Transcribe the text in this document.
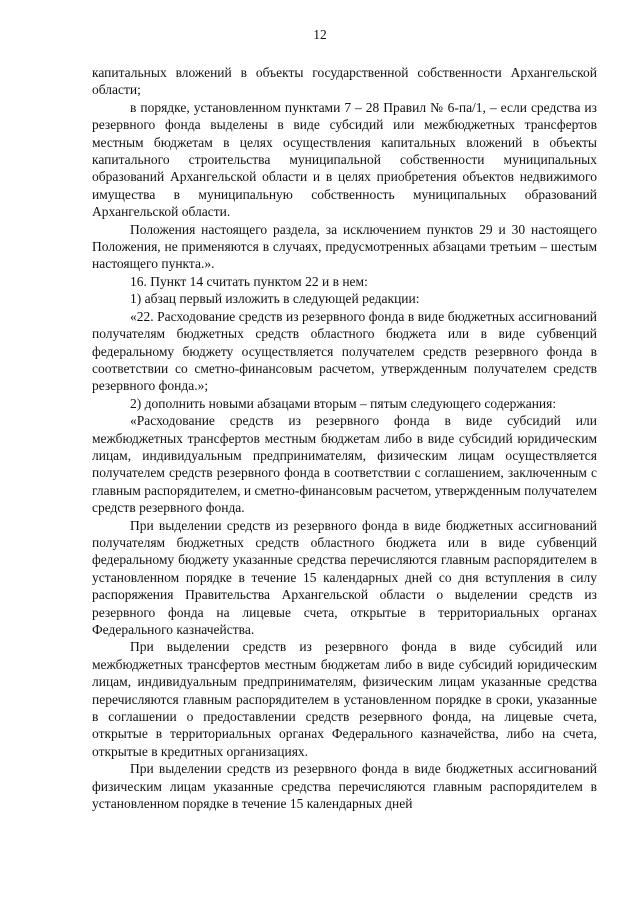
12

капитальных вложений в объекты государственной собственности Архангельской области;

в порядке, установленном пунктами 7 – 28 Правил № 6-па/1, – если средства из резервного фонда выделены в виде субсидий или межбюджетных трансфертов местным бюджетам в целях осуществления капитальных вложений в объекты капитального строительства муниципальной собственности муниципальных образований Архангельской области и в целях приобретения объектов недвижимого имущества в муниципальную собственность муниципальных образований Архангельской области.

Положения настоящего раздела, за исключением пунктов 29 и 30 настоящего Положения, не применяются в случаях, предусмотренных абзацами третьим – шестым настоящего пункта.».

16. Пункт 14 считать пунктом 22 и в нем:

1) абзац первый изложить в следующей редакции:

«22. Расходование средств из резервного фонда в виде бюджетных ассигнований получателям бюджетных средств областного бюджета или в виде субвенций федеральному бюджету осуществляется получателем средств резервного фонда в соответствии со сметно-финансовым расчетом, утвержденным получателем средств резервного фонда.»;

2) дополнить новыми абзацами вторым – пятым следующего содержания:

«Расходование средств из резервного фонда в виде субсидий или межбюджетных трансфертов местным бюджетам либо в виде субсидий юридическим лицам, индивидуальным предпринимателям, физическим лицам осуществляется получателем средств резервного фонда в соответствии с соглашением, заключенным с главным распорядителем, и сметно-финансовым расчетом, утвержденным получателем средств резервного фонда.

При выделении средств из резервного фонда в виде бюджетных ассигнований получателям бюджетных средств областного бюджета или в виде субвенций федеральному бюджету указанные средства перечисляются главным распорядителем в установленном порядке в течение 15 календарных дней со дня вступления в силу распоряжения Правительства Архангельской области о выделении средств из резервного фонда на лицевые счета, открытые в территориальных органах Федерального казначейства.

При выделении средств из резервного фонда в виде субсидий или межбюджетных трансфертов местным бюджетам либо в виде субсидий юридическим лицам, индивидуальным предпринимателям, физическим лицам указанные средства перечисляются главным распорядителем в установленном порядке в сроки, указанные в соглашении о предоставлении средств резервного фонда, на лицевые счета, открытые в территориальных органах Федерального казначейства, либо на счета, открытые в кредитных организациях.

При выделении средств из резервного фонда в виде бюджетных ассигнований физическим лицам указанные средства перечисляются главным распорядителем в установленном порядке в течение 15 календарных дней
